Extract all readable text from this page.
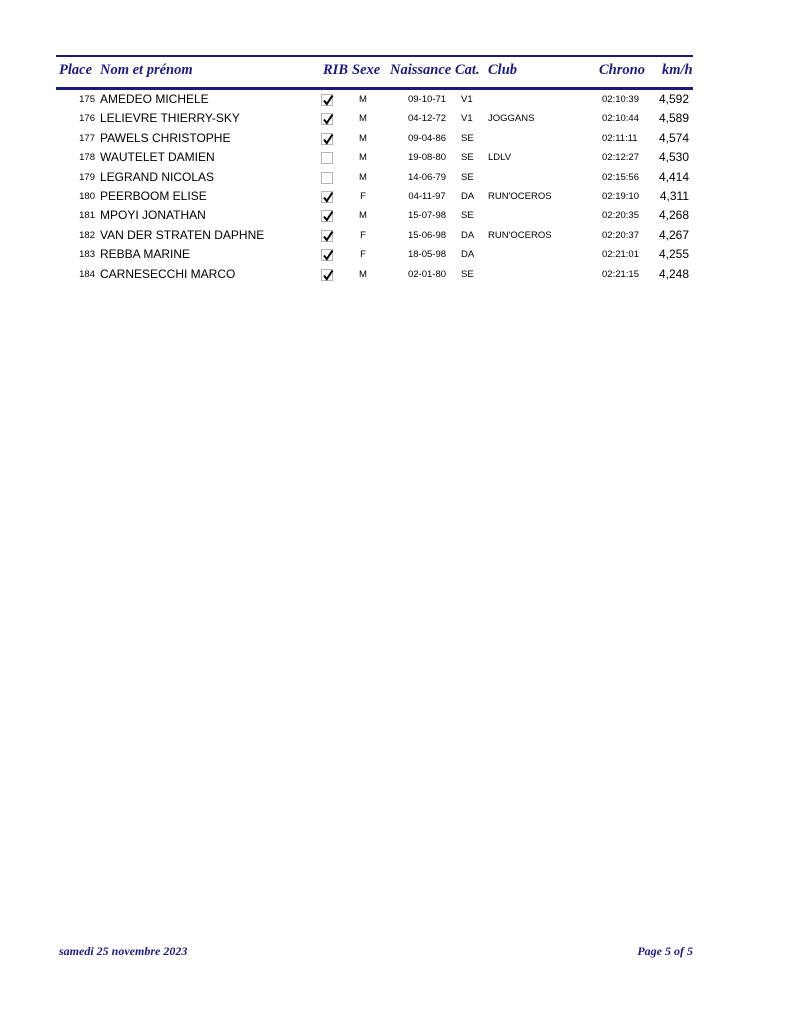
Place Nom et prénom	RIB Sexe Naissance Cat. Club	Chrono km/h
175 AMEDEO MICHELE	M	09-10-71	V1	02:10:39	4,592
176 LELIEVRE THIERRY-SKY	M	04-12-72	V1 JOGGANS	02:10:44	4,589
177 PAWELS CHRISTOPHE	M	09-04-86	SE	02:11:11	4,574
178 WAUTELET DAMIEN	M	19-08-80	SE LDLV	02:12:27	4,530
179 LEGRAND NICOLAS	M	14-06-79	SE	02:15:56	4,414
180 PEERBOOM ELISE	F	04-11-97	DA RUN'OCEROS	02:19:10	4,311
181 MPOYI JONATHAN	M	15-07-98	SE	02:20:35	4,268
182 VAN DER STRATEN DAPHNE	F	15-06-98	DA RUN'OCEROS	02:20:37	4,267
183 REBBA MARINE	F	18-05-98	DA	02:21:01	4,255
184 CARNESECCHI MARCO	M	02-01-80	SE	02:21:15	4,248
samedi 25 novembre 2023	Page 5 of 5
